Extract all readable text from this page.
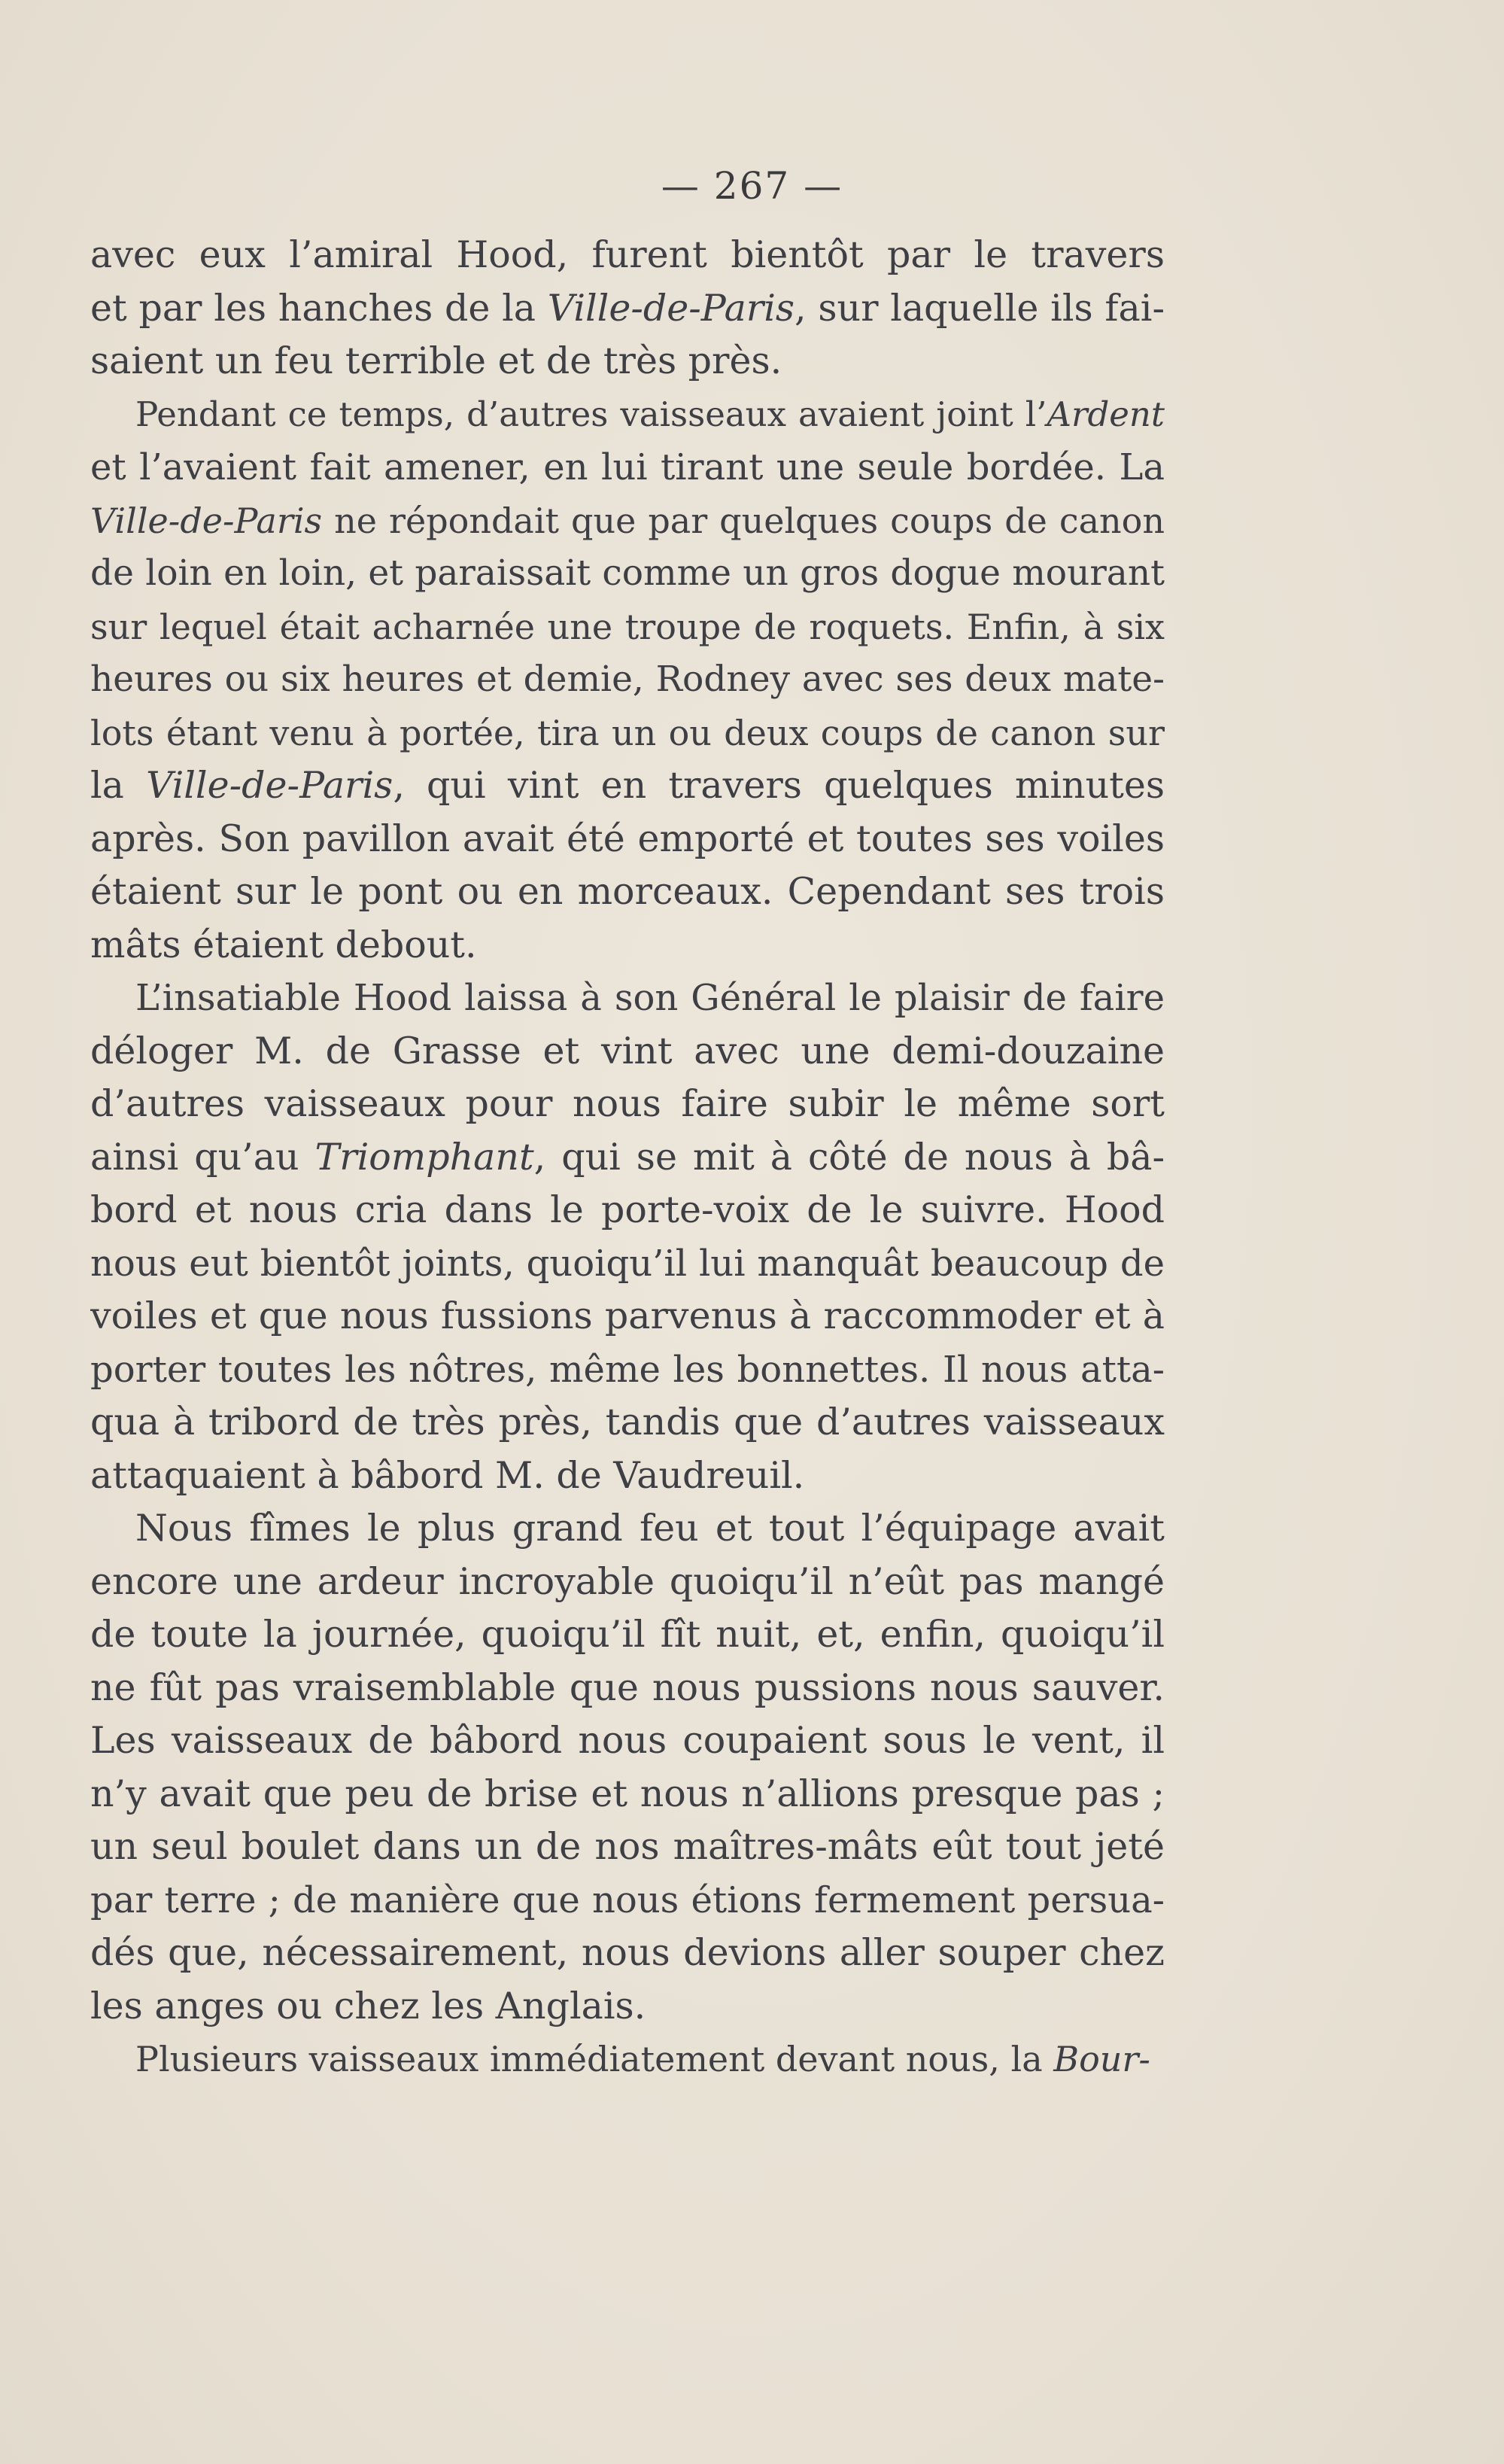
— 267 —
avec eux l’amiral Hood, furent bientôt par le travers
et par les hanches de la Ville-de-Paris, sur laquelle ils fai-
saient un feu terrible et de très près.
Pendant ce temps, d’autres vaisseaux avaient joint l’Ardent
et l’avaient fait amener, en lui tirant une seule bordée. La
Ville-de-Paris ne répondait que par quelques coups de canon
de loin en loin, et paraissait comme un gros dogue mourant
sur lequel était acharnée une troupe de roquets. Enfin, à six
heures ou six heures et demie, Rodney avec ses deux mate-
lots étant venu à portée, tira un ou deux coups de canon sur
la Ville-de-Paris, qui vint en travers quelques minutes
après. Son pavillon avait été emporté et toutes ses voiles
étaient sur le pont ou en morceaux. Cependant ses trois
mâts étaient debout.
L’insatiable Hood laissa à son Général le plaisir de faire
déloger M. de Grasse et vint avec une demi-douzaine
d’autres vaisseaux pour nous faire subir le même sort
ainsi qu’au Triomphant, qui se mit à côté de nous à bâ-
bord et nous cria dans le porte-voix de le suivre. Hood
nous eut bientôt joints, quoiqu’il lui manquât beaucoup de
voiles et que nous fussions parvenus à raccommoder et à
porter toutes les nôtres, même les bonnettes. Il nous atta-
qua à tribord de très près, tandis que d’autres vaisseaux
attaquaient à bâbord M. de Vaudreuil.
Nous fîmes le plus grand feu et tout l’équipage avait
encore une ardeur incroyable quoiqu’il n’eût pas mangé
de toute la journée, quoiqu’il fît nuit, et, enfin, quoiqu’il
ne fût pas vraisemblable que nous pussions nous sauver.
Les vaisseaux de bâbord nous coupaient sous le vent, il
n’y avait que peu de brise et nous n’allions presque pas ;
un seul boulet dans un de nos maîtres-mâts eût tout jeté
par terre ; de manière que nous étions fermement persua-
dés que, nécessairement, nous devions aller souper chez
les anges ou chez les Anglais.
Plusieurs vaisseaux immédiatement devant nous, la Bour-
